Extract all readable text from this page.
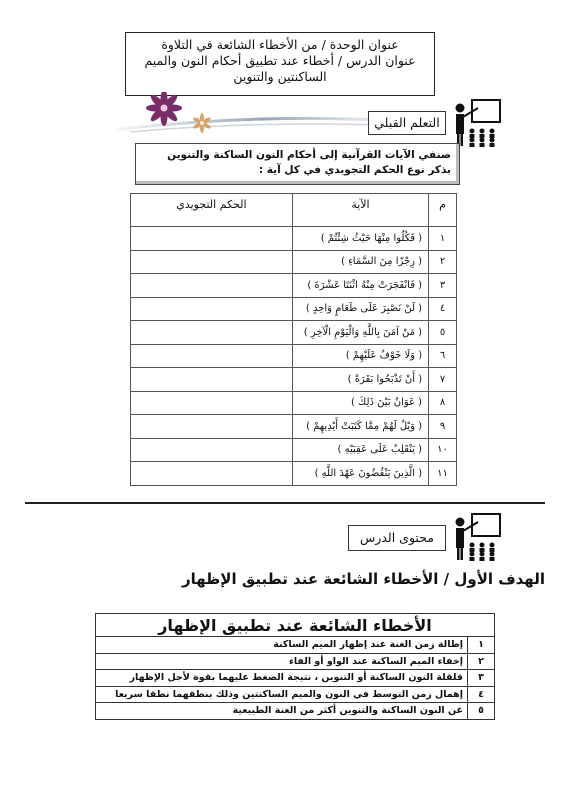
عنوان الوحدة / من الأخطاء الشائعة في التلاوة
عنوان الدرس / أخطاء عند تطبيق أحكام النون والميم
الساكنتين والتنوين
التعلم القبلي
صنفي الآيات القرآنية إلى أحكام النون الساكنة والتنوين بذكر نوع الحكم التجويدي في كل آية :
م	الآية	الحكم التجويدي
١	( فَكُلُوا مِنْهَا حَيْثُ شِئْتُمْ )	
٢	( رِجْزًا مِنَ السَّمَاءِ )	
٣	( فَانْفَجَرَتْ مِنْهُ اثْنَتَا عَشْرَةَ )	
٤	( لَنْ نَصْبِرَ عَلَى طَعَامٍ وَاحِدٍ )	
٥	( مَنْ آمَنَ بِاللَّهِ وَالْيَوْمِ الْآخِرِ )	
٦	( وَلَا خَوْفٌ عَلَيْهِمْ )	
٧	( أَنْ تَذْبَحُوا بَقَرَةً )	
٨	( عَوَانٌ بَيْنَ ذَلِكَ )	
٩	( وَيْلٌ لَهُمْ مِمَّا كَتَبَتْ أَيْدِيهِمْ )	
١٠	( يَنْقَلِبُ عَلَى عَقِبَيْهِ )	
١١	( الَّذِينَ يَنْقُضُونَ عَهْدَ اللَّهِ )	
محتوى الدرس
الهدف الأول / الأخطاء الشائعة عند تطبيق الإظهار
الأخطاء الشائعة عند تطبيق الإظهار	
١	إطالة زمن الغنة عند إظهار الميم الساكنة
٢	إخفاء الميم الساكنة عند الواو أو الفاء
٣	قلقلة النون الساكنة أو التنوين ، نتيجة الضغط عليهما بقوة لأجل الإظهار
٤	إهمال زمن التوسط في النون والميم الساكنتين وذلك بنطقهما نطقا سريعا
٥	غن النون الساكنة والتنوين أكثر من الغنة الطبيعية
